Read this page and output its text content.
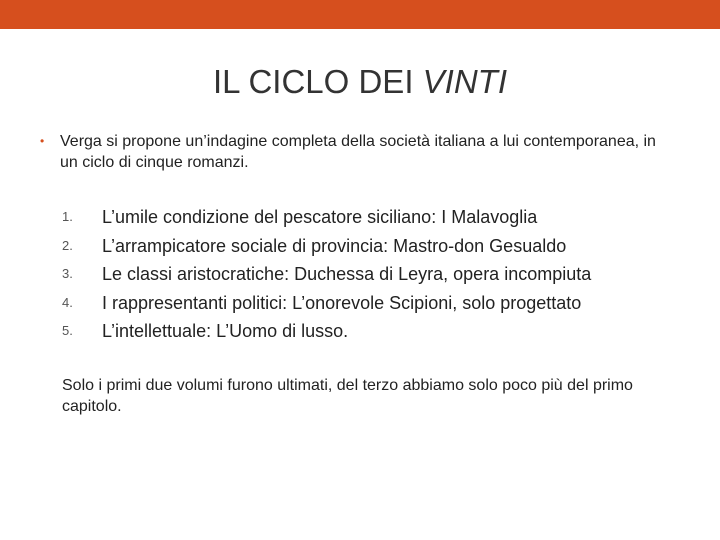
IL CICLO DEI VINTI
• Verga si propone un’indagine completa della società italiana a lui contemporanea, in un ciclo di cinque romanzi.
1.	L’umile condizione del pescatore siciliano: I Malavoglia
2.	L’arrampicatore sociale di provincia: Mastro-don Gesualdo
3.	Le classi aristocratiche: Duchessa di Leyra, opera incompiuta
4.	I rappresentanti politici: L’onorevole Scipioni, solo progettato
5.	L’intellettuale: L’Uomo di lusso.

Solo i primi due volumi furono ultimati, del terzo abbiamo solo poco più del primo capitolo.
